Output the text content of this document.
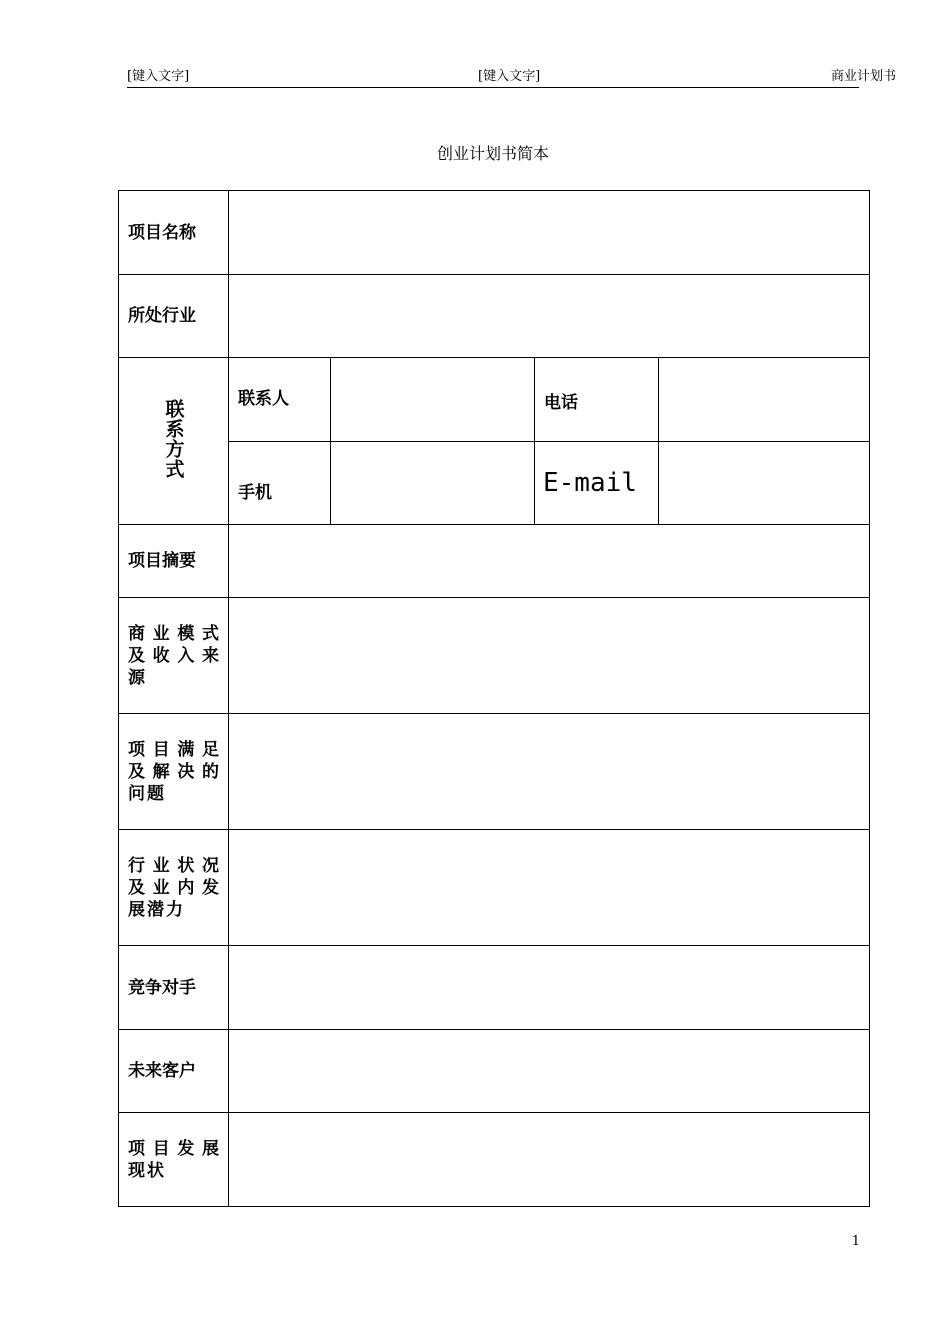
[键入文字]	[键入文字]	商业计划书
创业计划书简本
项目名称				
所处行业				
联系方式	联系人		电话	
	手机		E-mail	
项目摘要				
商业模式及收入来源				
项目满足及解决的问题				
行业状况及业内发展潜力				
竞争对手				
未来客户				
项目发展现状				
1
